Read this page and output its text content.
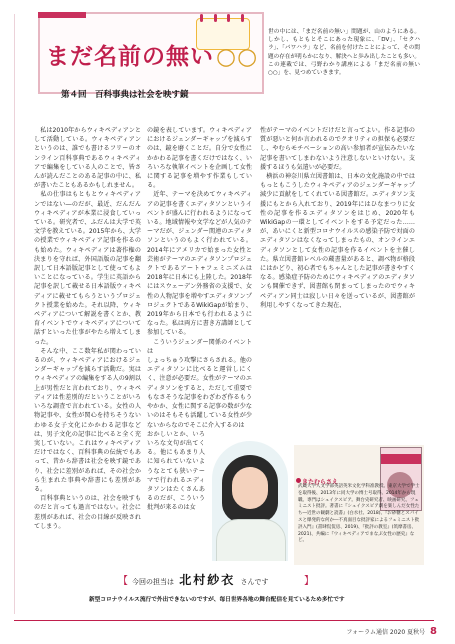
まだ名前の無い○○
第４回　百科事典は社会を映す鏡
世の中には、「まだ名前の無い」問題が、山のようにある。しかし、もともとそこにあった現象に、「DV」、「セクハラ」、「パワハラ」など、名前を付けたことによって、その問題の存在が明らかになり、解決へと歩み出したことも多い。この連載では、弓野わかり講座による「まだ名前の無い○○」を、見つめていきます。
　私は2010年からウィキペディアンとして活動している。ウィキペディアンというのは、誰でも書けるフリーのオンライン百科事典であるウィキペディアで編集をしている人のことで、皆さんが読んだことのある記事の中に、私が書いたこともあるかもしれません。
　私の仕事はもともとウィキペディアンではない―のだが、最近、だんだんウィキペディアが本業に浸食していっている。研究者で、ふだんは大学で英文学を教えている。2015年から、大学の授業でウィキペディア記事を作るのも始めた。ウィキペディアは著作権の決まりを守れば、外国語版の記事を翻訳して日本語版記事として使ってもよいことになっている。学生に英語から記事を訳して載せる日本語版ウィキペディアに載せてもらうというプロジェクト授業を始めた。それ以降、ウィキペディアについて解説を書くとか、教育イベントでウィキペディアについて話すといった仕事がやたら増えてしまった。
　そんな中、ここ数年私が関わっているのが、ウィキペディアにおけるジェンダーギャップを減らす活動だ。実はウィキペディアの編集をする人の9割以上が男性だと言われており、ウィキペディアは性差別的だということがいろいろな調査で言われている。女性の人物記事や、女性が関心を持ちそうないわゆる女子文化にかかわる記事などは、男子文化の記事に比べると全く充実していない。これはウィキペディアだけではなく、百科事典の伝統でもあって、昔から辞書は社会を映す鏡であり、社会に差別があれば、その社会から生まれた事典や辞書にも差別がある。
　百科事典というのは、社会を映すものだと言っても過言ではない。社会に差別があれば、社会の目線が反映されてしまう。
の鏡を表しています。ウィキペディアにおけるジェンダーギャップを減らすのは、鏡を磨くことだ。自分で女性にかかわる記事を書くだけではなく、いろいろな執筆イベントを企画して女性に関する記事を増やす作業もしている。
　近年、テーマを決めてウィキペディアの記事を書くエディタソンというイベントが盛んに行われるようになっている。地域情報や文学などが人気のテーマだが、ジェンダー関連のエディタソンというのもよく行われている。2014年にアメリカで始まった女性と芸術がテーマのエディタソンプロジェクトであるアート+フェミニズムは2018年に日本にも上陸した。2018年にはスウェーデン外務省の支援で、女性の人物記事を増やすエディタソンプロジェクトであるWikiGapが始まり、2019年から日本でも行われるようになった。私は両方に書き方講師として参加している。
　こういうジェンダー関係のイベントは
しょっちゅう攻撃にさらされる。他のエディタソンに比べると運営しにくく、注意が必要だ。女性がテーマのエディタソンをすると、ただして重要でもなさそうな記事をわざわざ作るもうやかか、女性に関する記事の数が少ないのはそもそも活躍している女性が少ないからなのでそこに介入するのは
おかしいとか、いろいろな文句が出てくる。他にもあまり人に知られていないようなとても狭いテーマで行われるエディタソンはたくさんあるのだが、こういう批判が来るのは女
性がテーマのイベントだけだと言ってよい。作る記事の質が悪いと何か言われるのでクオリティの担保も必要だし、やむらモチベーションの高い参加者が宣伝みたいな記事を書いてしまわないよう注意しないといけない。支援するほうも気遣いが必要だ。
　横浜の神奈川県立図書館は、日本の文化施設の中ではもっともこうしたウィキペディアのジェンダーギャップ減少に貢献をしてくれている図書館だ。エディタソン支援にもとから入れており、2019年にはひなまつりに女性の記事を作るエディタソンをはじめ、2020年もWikiGapの一環としてイベントをする予定だった……が、あいにくと新型コロナウイルスの感染予防で対面のエディタソンはなくなってしまったもの、オンラインエディタソンとして女性の記事を作るイベントを主催した。県立図書館レベルの蔵書量があると、調べ物が格段にはかどり、初心者でもちゃんとした記事が書きやすくなる。感染症予防のためにウィキペディアのエディタソンも開催できず、図書館も閉まってしまったのでウィキペディアン同士は寂しい日々を送っているが、図書館が利用しやすくなってきた現在、
きたむらさえ
武蔵大学人文学部英語英米文化学科准教授。東京大学で学士を取得後、2013年に同大学の博士号取得。2014年から現職。専門はシェイクスピア。舞台史研究者、映画研究、フェミニスト批評。著書に『シェイクスピア劇を楽しんだ女性たち―近世の観劇と読書』(白水社、2018)、『お砂糖とスパイスと爆発的な何か―不真面目な批評家によるフェミニスト批評入門』(書肆侃侃房、2019)、『批評の教室』(筑摩書房、2021)、共編に『ウィキペディアでまなぶ女性の歴史』など。
【 今回の担当は 北村紗衣 さんです	】
新型コロナウイルス流行で外出できないのですが、毎日世界各地の舞台配信を見ているため多忙です
フォーラム通信 2020 夏秋号 8
